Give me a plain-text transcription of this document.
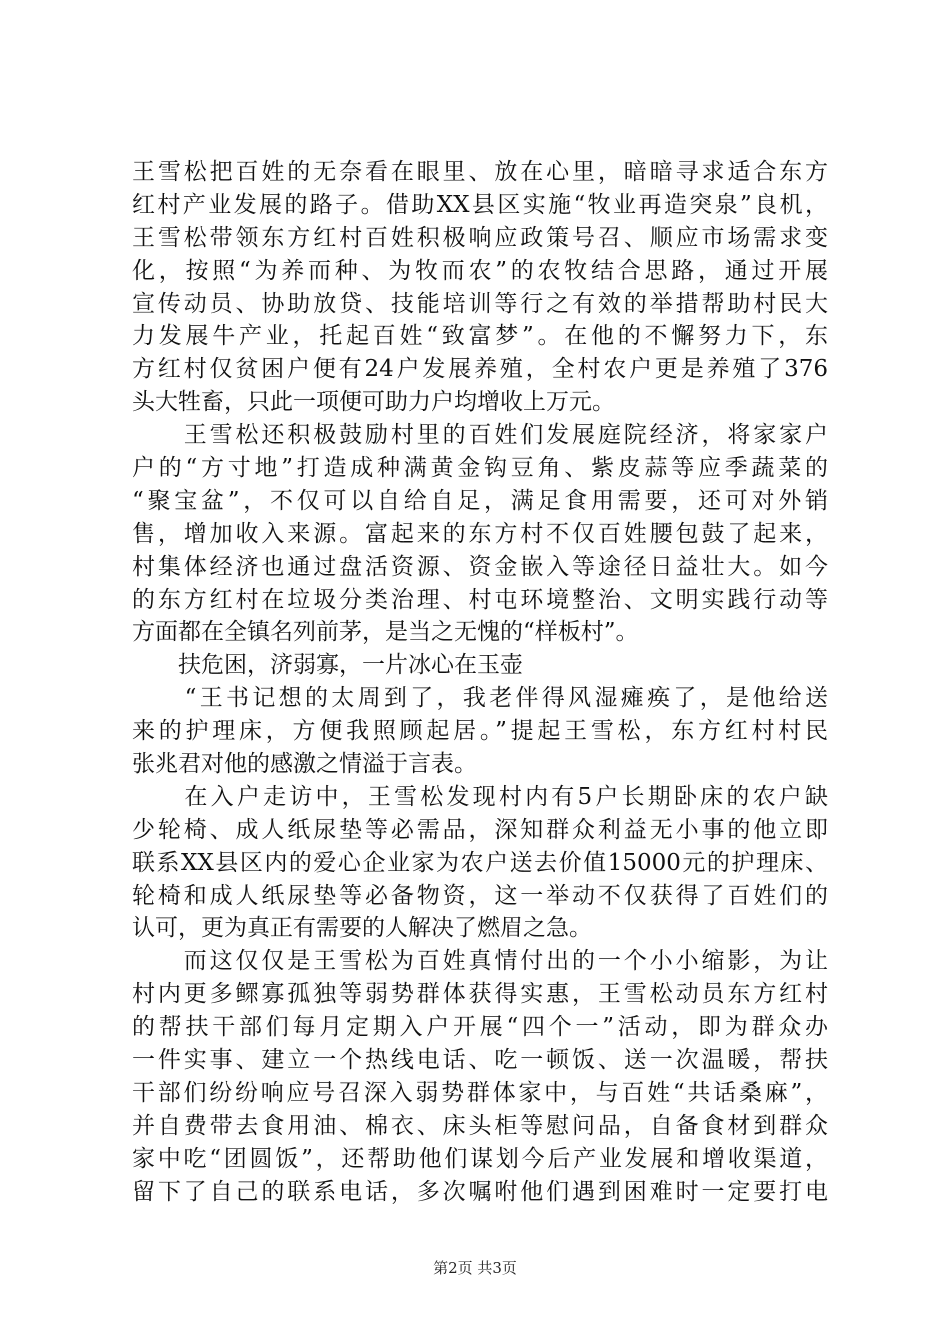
王雪松把百姓的无奈看在眼里、放在心里，暗暗寻求适合东方
红村产业发展的路子。借助XX县区实施“牧业再造突泉”良机，
王雪松带领东方红村百姓积极响应政策号召、顺应市场需求变
化，按照“为养而种、为牧而农”的农牧结合思路，通过开展
宣传动员、协助放贷、技能培训等行之有效的举措帮助村民大
力发展牛产业，托起百姓“致富梦”。在他的不懈努力下，东
方红村仅贫困户便有24户发展养殖，全村农户更是养殖了376
头大牲畜，只此一项便可助力户均增收上万元。
　　王雪松还积极鼓励村里的百姓们发展庭院经济，将家家户
户的“方寸地”打造成种满黄金钩豆角、紫皮蒜等应季蔬菜的
“聚宝盆”，不仅可以自给自足，满足食用需要，还可对外销
售，增加收入来源。富起来的东方村不仅百姓腰包鼓了起来，
村集体经济也通过盘活资源、资金嵌入等途径日益壮大。如今
的东方红村在垃圾分类治理、村屯环境整治、文明实践行动等
方面都在全镇名列前茅，是当之无愧的“样板村”。
　　扶危困，济弱寡，一片冰心在玉壶
　　“王书记想的太周到了，我老伴得风湿瘫痪了，是他给送
来的护理床，方便我照顾起居。”提起王雪松，东方红村村民
张兆君对他的感激之情溢于言表。
　　在入户走访中，王雪松发现村内有5户长期卧床的农户缺
少轮椅、成人纸尿垫等必需品，深知群众利益无小事的他立即
联系XX县区内的爱心企业家为农户送去价值15000元的护理床、
轮椅和成人纸尿垫等必备物资，这一举动不仅获得了百姓们的
认可，更为真正有需要的人解决了燃眉之急。
　　而这仅仅是王雪松为百姓真情付出的一个小小缩影，为让
村内更多鳏寡孤独等弱势群体获得实惠，王雪松动员东方红村
的帮扶干部们每月定期入户开展“四个一”活动，即为群众办
一件实事、建立一个热线电话、吃一顿饭、送一次温暖，帮扶
干部们纷纷响应号召深入弱势群体家中，与百姓“共话桑麻”，
并自费带去食用油、棉衣、床头柜等慰问品，自备食材到群众
家中吃“团圆饭”，还帮助他们谋划今后产业发展和增收渠道，
留下了自己的联系电话，多次嘱咐他们遇到困难时一定要打电
第2页 共3页
